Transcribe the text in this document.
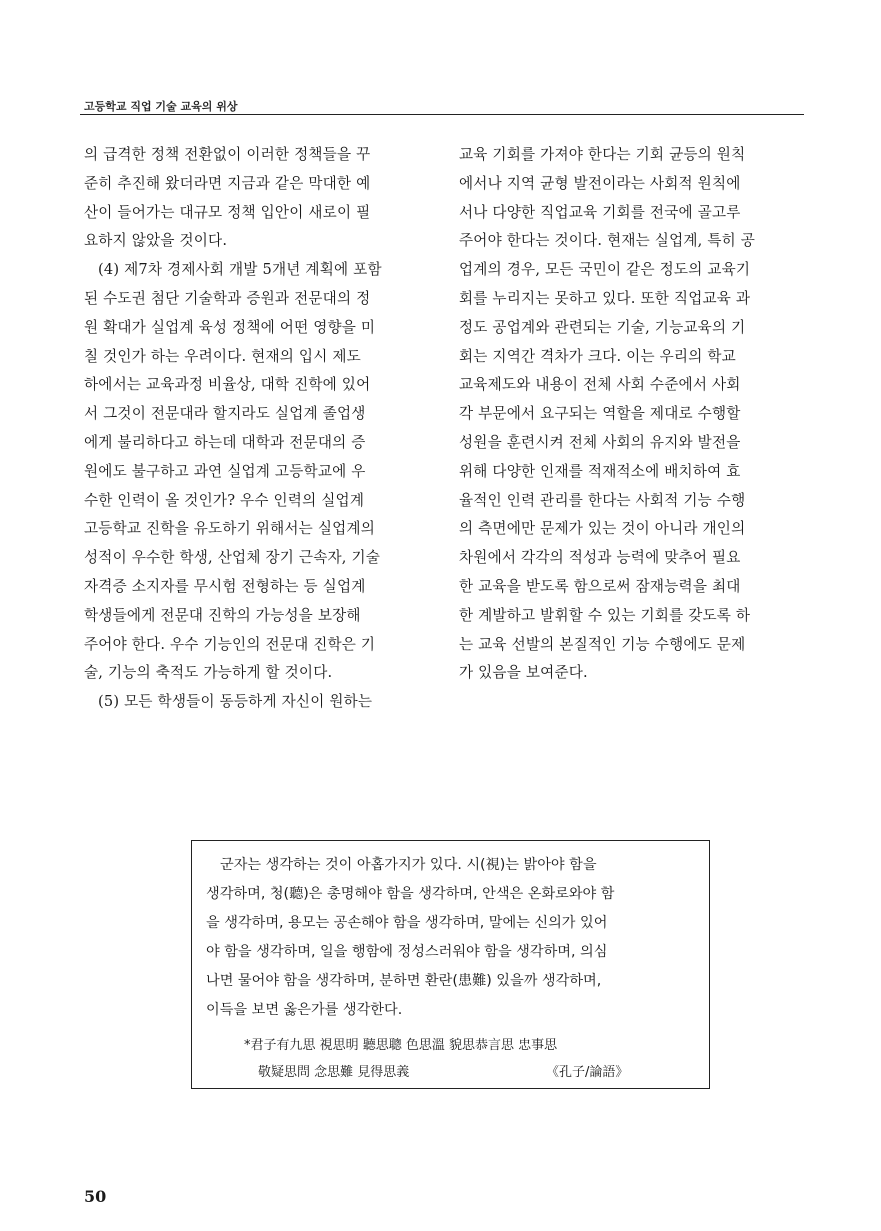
고등학교 직업 기술 교육의 위상

의 급격한 정책 전환없이 이러한 정책들을 꾸
준히 추진해 왔더라면 지금과 같은 막대한 예
산이 들어가는 대규모 정책 입안이 새로이 필
요하지 않았을 것이다.
(4) 제7차 경제사회 개발 5개년 계획에 포함
된 수도권 첨단 기술학과 증원과 전문대의 정
원 확대가 실업계 육성 정책에 어떤 영향을 미
칠 것인가 하는 우려이다. 현재의 입시 제도
하에서는 교육과정 비율상, 대학 진학에 있어
서 그것이 전문대라 할지라도 실업계 졸업생
에게 불리하다고 하는데 대학과 전문대의 증
원에도 불구하고 과연 실업계 고등학교에 우
수한 인력이 올 것인가? 우수 인력의 실업계
고등학교 진학을 유도하기 위해서는 실업계의
성적이 우수한 학생, 산업체 장기 근속자, 기술
자격증 소지자를 무시험 전형하는 등 실업계
학생들에게 전문대 진학의 가능성을 보장해
주어야 한다. 우수 기능인의 전문대 진학은 기
술, 기능의 축적도 가능하게 할 것이다.
(5) 모든 학생들이 동등하게 자신이 원하는

교육 기회를 가져야 한다는 기회 균등의 원칙
에서나 지역 균형 발전이라는 사회적 원칙에
서나 다양한 직업교육 기회를 전국에 골고루
주어야 한다는 것이다. 현재는 실업계, 특히 공
업계의 경우, 모든 국민이 같은 정도의 교육기
회를 누리지는 못하고 있다. 또한 직업교육 과
정도 공업계와 관련되는 기술, 기능교육의 기
회는 지역간 격차가 크다. 이는 우리의 학교
교육제도와 내용이 전체 사회 수준에서 사회
각 부문에서 요구되는 역할을 제대로 수행할
성원을 훈련시켜 전체 사회의 유지와 발전을
위해 다양한 인재를 적재적소에 배치하여 효
율적인 인력 관리를 한다는 사회적 기능 수행
의 측면에만 문제가 있는 것이 아니라 개인의
차원에서 각각의 적성과 능력에 맞추어 필요
한 교육을 받도록 함으로써 잠재능력을 최대
한 계발하고 발휘할 수 있는 기회를 갖도록 하
는 교육 선발의 본질적인 기능 수행에도 문제
가 있음을 보여준다.

군자는 생각하는 것이 아홉가지가 있다. 시(視)는 밝아야 함을
생각하며, 청(聽)은 총명해야 함을 생각하며, 안색은 온화로와야 함
을 생각하며, 용모는 공손해야 함을 생각하며, 말에는 신의가 있어
야 함을 생각하며, 일을 행함에 정성스러워야 함을 생각하며, 의심
나면 물어야 함을 생각하며, 분하면 환란(患難) 있을까 생각하며,
이득을 보면 옳은가를 생각한다.
*君子有九思 視思明 聽思聰 色思溫 貌思恭言思 忠事思
敬疑思問 念思難 見得思義	《孔子/論語》
50
